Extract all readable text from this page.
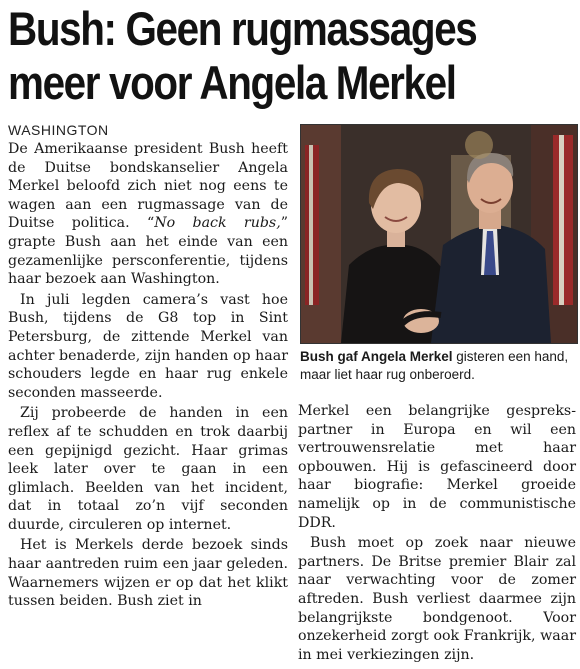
Bush: Geen rugmassages
meer voor Angela Merkel
WASHINGTON

De Amerikaanse president Bush heeft de Duitse bondskanselier Angela Merkel beloofd zich niet nog eens te wagen aan een rugmassage van de Duitse politica. “No back rubs,” grapte Bush aan het einde van een gezamenlijke persconferentie, tijdens haar bezoek aan Washington.

In juli legden camera’s vast hoe Bush, tijdens de G8 top in Sint Petersburg, de zittende Merkel van achter benaderde, zijn handen op haar schouders legde en haar rug enkele seconden masseerde.

Zij probeerde de handen in een reflex af te schudden en trok daarbij een gepijnigd gezicht. Haar grimas leek later over te gaan in een glimlach. Beelden van het incident, dat in totaal zo’n vijf seconden duurde, circuleren op internet.

Het is Merkels derde bezoek sinds haar aantreden ruim een jaar geleden. Waarnemers wijzen er op dat het klikt tussen beiden. Bush ziet in

Bush gaf Angela Merkel gisteren een hand, maar liet haar rug onberoerd.

Merkel een belangrijke gesprekspartner in Europa en wil een vertrouwensrelatie met haar opbouwen. Hij is gefascineerd door haar biografie: Merkel groeide namelijk op in de communistische DDR.

Bush moet op zoek naar nieuwe partners. De Britse premier Blair zal naar verwachting voor de zomer aftreden. Bush verliest daarmee zijn belangrijkste bondgenoot. Voor onzekerheid zorgt ook Frankrijk, waar in mei verkiezingen zijn.
